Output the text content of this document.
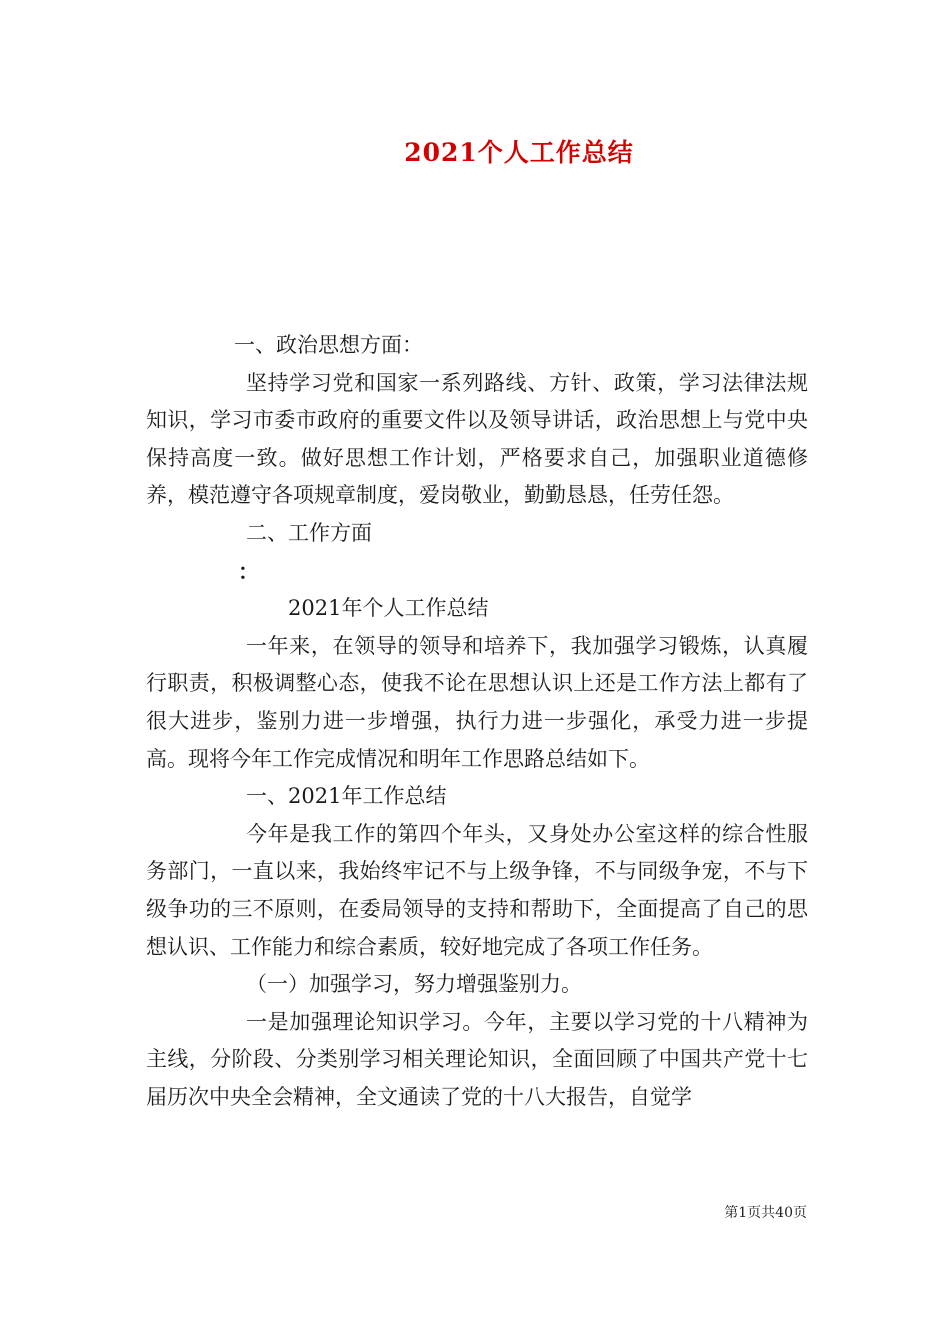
2021个人工作总结

一、政治思想方面：

坚持学习党和国家一系列路线、方针、政策，学习法律法规知识，学习市委市政府的重要文件以及领导讲话，政治思想上与党中央保持高度一致。做好思想工作计划，严格要求自己，加强职业道德修养，模范遵守各项规章制度，爱岗敬业，勤勤恳恳，任劳任怨。

二、工作方面

：

2021年个人工作总结

一年来，在领导的领导和培养下，我加强学习锻炼，认真履行职责，积极调整心态，使我不论在思想认识上还是工作方法上都有了很大进步，鉴别力进一步增强，执行力进一步强化，承受力进一步提高。现将今年工作完成情况和明年工作思路总结如下。

一、2021年工作总结

今年是我工作的第四个年头，又身处办公室这样的综合性服务部门，一直以来，我始终牢记不与上级争锋，不与同级争宠，不与下级争功的三不原则，在委局领导的支持和帮助下，全面提高了自己的思想认识、工作能力和综合素质，较好地完成了各项工作任务。

（一）加强学习，努力增强鉴别力。

一是加强理论知识学习。今年，主要以学习党的十八精神为主线，分阶段、分类别学习相关理论知识，全面回顾了中国共产党十七届历次中央全会精神，全文通读了党的十八大报告，自觉学

第1页共40页
